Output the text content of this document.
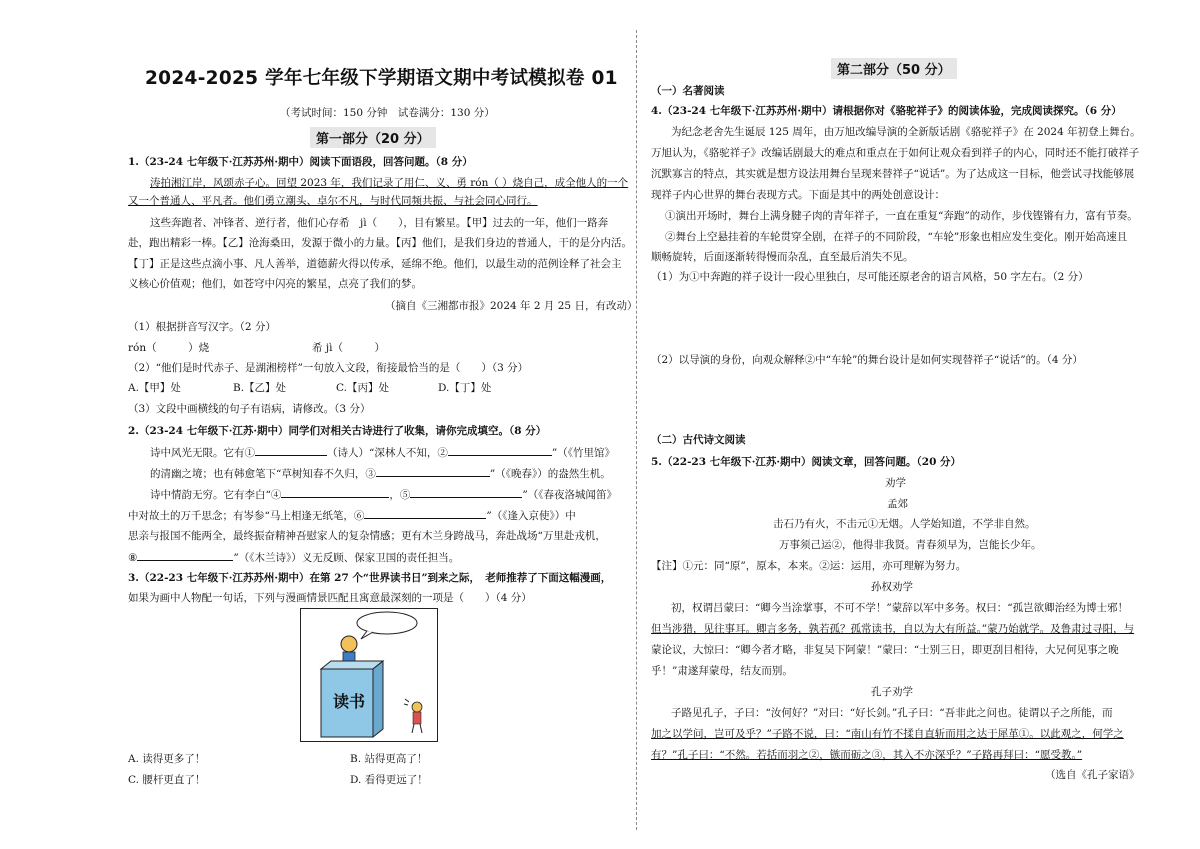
2024-2025 学年七年级下学期语文期中考试模拟卷 01
（考试时间：150 分钟　试卷满分：130 分）
第一部分（20 分）
1.（23-24 七年级下·江苏苏州·期中）阅读下面语段，回答问题。（8 分）
涛拍湘江岸，风颂赤子心。回望 2023 年，我们记录了用仁、义、勇 rón（ ）烧自己，成全他人的一个
又一个普通人、平凡者。他们勇立潮头、卓尔不凡，与时代同频共振、与社会同心同行。
这些奔跑者、冲锋者、逆行者，他们心存希　jì（　　），目有繁星。【甲】过去的一年，他们一路奔
赴，跑出精彩一棒。【乙】沧海桑田，发源于微小的力量。【丙】他们，是我们身边的普通人，干的是分内活。
【丁】正是这些点滴小事、凡人善举，道德薪火得以传承，延绵不绝。他们，以最生动的范例诠释了社会主
义核心价值观；他们，如苍穹中闪亮的繁星，点亮了我们的梦。
（摘自《三湘都市报》2024 年 2 月 25 日，有改动）
（1）根据拼音写汉字。（2 分）
rón（　　　）烧	希 jì（　　　）
（2）“他们是时代赤子、是湖湘榜样”一句放入文段，衔接最恰当的是（　　）（3 分）
A.【甲】处	B.【乙】处	C.【丙】处	D.【丁】处
（3）文段中画横线的句子有语病，请修改。（3 分）
2.（23-24 七年级下·江苏·期中）同学们对相关古诗进行了收集，请你完成填空。（8 分）
诗中风光无限。它有①	（诗人）“深林人不知，②	”（《竹里馆》
的清幽之境；也有韩愈笔下“草树知春不久归，③	”（《晚春》）的盎然生机。
诗中情韵无穷。它有李白“④	，⑤	”（《春夜洛城闻笛》
中对故土的万千思念；有岑参“马上相逢无纸笔，⑥	”（《逢入京使》）中
思亲与报国不能两全，最终振奋精神吾慰家人的复杂情感；更有木兰身跨战马，奔赴战场“万里赴戎机，
⑧	”（《木兰诗》）义无反顾、保家卫国的责任担当。
3.（22-23 七年级下·江苏苏州·期中）在第 27 个“世界读书日”到来之际，　老师推荐了下面这幅漫画，
如果为画中人物配一句话，下列与漫画情景匹配且寓意最深刻的一项是（　　）（4 分）
读书
A. 读得更多了！	B. 站得更高了！
C. 腰杆更直了！	D. 看得更远了！
第二部分（50 分）
（一）名著阅读
4.（23-24 七年级下·江苏苏州·期中）请根据你对《骆驼祥子》的阅读体验，完成阅读探究。（6 分）
为纪念老舍先生诞辰 125 周年，由万旭改编导演的全新版话剧《骆驼祥子》在 2024 年初登上舞台。
万旭认为，《骆驼祥子》改编话剧最大的难点和重点在于如何让观众看到祥子的内心，同时还不能打破祥子
沉默寡言的特点，其实就是想方设法用舞台呈现来替祥子“说话”。为了达成这一目标，他尝试寻找能够展
现祥子内心世界的舞台表现方式。下面是其中的两处创意设计：
①演出开场时，舞台上满身腱子肉的青年祥子，一直在重复“奔跑”的动作，步伐铿锵有力，富有节奏。
②舞台上空悬挂着的车轮贯穿全剧，在祥子的不同阶段，“车轮”形象也相应发生变化。刚开始高速且
顺畅旋转，后面逐渐转得慢而杂乱，直至最后消失不见。
（1）为①中奔跑的祥子设计一段心里独白，尽可能还原老舍的语言风格，50 字左右。（2 分）
（2）以导演的身份，向观众解释②中“车轮”的舞台设计是如何实现替祥子“说话”的。（4 分）
（二）古代诗文阅读
5.（22-23 七年级下·江苏·期中）阅读文章，回答问题。（20 分）
劝学
孟郊
击石乃有火，不击元①无烟。人学始知道，不学非自然。
万事须己运②，他得非我贤。青春须早为，岂能长少年。
【注】①元：同“原”，原本，本来。②运：运用，亦可理解为努力。
孙权劝学
初，权谓吕蒙曰：“卿今当涂掌事，不可不学！”蒙辞以军中多务。权曰：“孤岂欲卿治经为博士邪！
但当涉猎，见往事耳。卿言多务，孰若孤？孤常读书，自以为大有所益。”蒙乃始就学。及鲁肃过寻阳，与
蒙论议，大惊曰：“卿今者才略，非复吴下阿蒙！”蒙曰：“士别三日，即更刮目相待，大兄何见事之晚
乎！”肃遂拜蒙母，结友而别。
孔子劝学
子路见孔子，子曰：“汝何好？”对曰：“好长剑。”孔子曰：“吾非此之问也。徒谓以子之所能，而
加之以学问，岂可及乎？”子路不说，曰：“南山有竹不揉自直斩而用之达于犀革①。以此观之，何学之
有？”孔子曰：“不然。若括而羽之②，镞而砺之③，其入不亦深乎？”子路再拜曰：“愿受教。”
（选自《孔子家语》
